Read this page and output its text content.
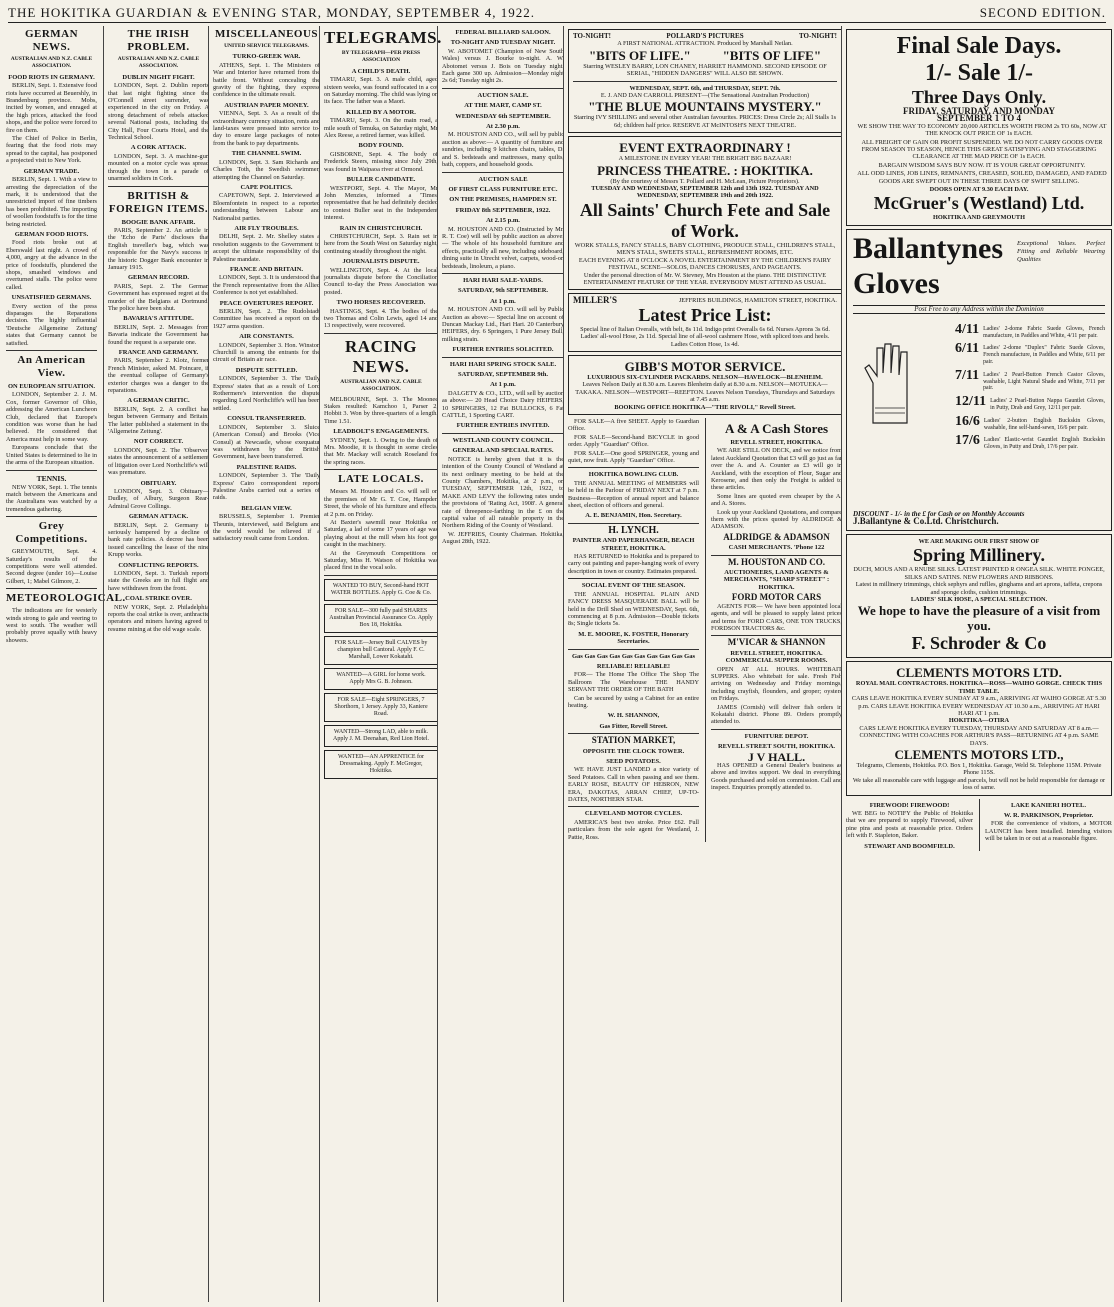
THE HOKITIKA GUARDIAN & EVENING STAR, MONDAY, SEPTEMBER 4, 1922.	SECOND EDITION.
GERMAN NEWS.
AUSTRALIAN AND N.Z. CABLE ASSOCIATION.
FOOD RIOTS IN GERMANY.

BERLIN, Sept. 1. Extensive food riots have occurred at Beuershly, in Brandenburg province. Mobs, incited by women, and enraged at the high prices, attacked the food shops, and the police were forced to fire on them.

The Chief of Police in Berlin, fearing that the food riots may spread to the capital, has postponed a projected visit to New York.

GERMAN TRADE.

BERLIN, Sept. 1. With a view to arresting the depreciation of the mark, it is understood that the unrestricted import of fine timbers has been prohibited. The importing of woollen foodstuffs is for the time being restricted.

GERMAN FOOD RIOTS.

Food riots broke out at Eberswald last night. A crowd of 4,000, angry at the advance in the price of foodstuffs, plundered the shops, smashed windows and overturned stalls. The police were called.

UNSATISFIED GERMANS.

Every section of the press disparages the Reparations decision. The highly influential 'Deutsche Allgemeine Zeitung' states that Germany cannot be satisfied.

An American View.
ON EUROPEAN SITUATION.

LONDON, September 2. J. M. Cox, former Governor of Ohio, addressing the American Luncheon Club, declared that Europe's condition was worse than he had believed. He considered that America must help in some way.

Europeans conclude that the United States is determined to lie in the arms of the European situation.

TENNIS.

NEW YORK, Sept. 1. The tennis match between the Americans and the Australians was watched by a tremendous gathering.

Grey Competitions.

GREYMOUTH, Sept. 4. Saturday's results of the competitions were well attended. Second degree (under 16)—Louise Gilbert, 1; Mabel Gilmore, 2.

METEOROLOGICAL.

The indications are for westerly winds strong to gale and veering to west to south. The weather will probably prove squally with heavy showers.

THE IRISH PROBLEM.
AUSTRALIAN AND N.Z. CABLE ASSOCIATION.
DUBLIN NIGHT FIGHT.

LONDON, Sept. 2. Dublin reports that last night fighting since the O'Connell street surrender, was experienced in the city on Friday. A strong detachment of rebels attacked several National posts, including the City Hall, Four Courts Hotel, and the Technical School.

A CORK ATTACK.

LONDON, Sept. 3. A machine-gun mounted on a motor cycle was spread through the town in a parade of unarmed soldiers in Cork.

BRITISH & FOREIGN ITEMS.
BOOGIE BANK AFFAIR.

PARIS, September 2. An article in the 'Echo de Paris' discloses that English traveller's bag, which was responsible for the Navy's success in the historic Dogger Bank encounter in January 1915.

GERMAN RECORD.

PARIS, Sept. 2. The German Government has expressed regret at the murder of the Belgians at Dortmund. The police have been shut.

BAVARIA'S ATTITUDE.

BERLIN, Sept. 2. Messages from Bavaria indicate the Government has found the request is a separate one.

FRANCE AND GERMANY.

PARIS, September 2. Klotz, former French Minister, asked M. Poincare, if the eventual collapse of Germany's exterior charges was a danger to the reparations.

A GERMAN CRITIC.

BERLIN, Sept. 2. A conflict has begun between Germany and Britain. The latter published a statement in the 'Allgemeine Zeitung'.

NOT CORRECT.

LONDON, Sept. 2. The 'Observer' states the announcement of a settlement of litigation over Lord Northcliffe's will was premature.

OBITUARY.

LONDON, Sept. 3. Obituary—Dudley, of Albury, Surgeon Rear-Admiral Grove Collings.

GERMAN ATTACK.

BERLIN, Sept. 2. Germany is seriously hampered by a decline of bank rate policies. A decree has been issued cancelling the lease of the nine Krupp works.

CONFLICTING REPORTS.

LONDON, Sept. 3. Turkish reports state the Greeks are in full flight and have withdrawn from the front.

COAL STRIKE OVER.

NEW YORK, Sept. 2. Philadelphia reports the coal strike is over, anthracite operators and miners having agreed to resume mining at the old wage scale.

MISCELLANEOUS
UNITED SERVICE TELEGRAMS.
TURKO-GREEK WAR.

ATHENS, Sept. 1. The Ministers of War and Interior have returned from the battle front. Without concealing the gravity of the fighting, they express confidence in the ultimate result.

AUSTRIAN PAPER MONEY.

VIENNA, Sept. 3. As a result of the extraordinary currency situation, rents and land-taxes were pressed into service to-day to ensure large packages of notes from the bank to pay departments.

THE CHANNEL SWIM.

LONDON, Sept. 3. Sam Richards and Charles Toth, the Swedish swimmer, attempting the Channel on Saturday.

CAPE POLITICS.

CAPETOWN, Sept. 2. Interviewed at Bloemfontein in respect to a reported understanding between Labour and Nationalist parties.

AIR FLY TROUBLES.

DELHI, Sept. 2. Mr. Shelley states a resolution suggests to the Government to accept the ultimate responsibility of the Palestine mandate.

FRANCE AND BRITAIN.

LONDON, Sept. 3. It is understood that the French representative from the Allied Conference is not yet established.

PEACE OVERTURES REPORT.

BERLIN, Sept. 2. The Rudolstadt Committee has received a report on the 1927 arms question.

AIR CONSTANTS.

LONDON, September 3. Hon. Winston Churchill is among the entrants for the circuit of Britain air race.

DISPUTE SETTLED.

LONDON, September 3. The 'Daily Express' states that as a result of Lord Rothermere's intervention the dispute regarding Lord Northcliffe's will has been settled.

CONSUL TRANSFERRED.

LONDON, September 3. Sluice (American Consul) and Brooks (Vice Consul) at Newcastle, whose exequatur was withdrawn by the British Government, have been transferred.

PALESTINE RAIDS.

LONDON, September 3. The 'Daily Express' Cairo correspondent reports Palestine Arabs carried out a series of raids.

BELGIAN VIEW.

BRUSSELS, September 1. Premier Theunis, interviewed, said Belgium and the world would be relieved if a satisfactory result came from London.

TELEGRAMS.
BY TELEGRAPH—PER PRESS ASSOCIATION
A CHILD'S DEATH.

TIMARU, Sept. 3. A male child, aged sixteen weeks, was found suffocated in a cot on Saturday morning. The child was lying on its face. The father was a Maori.

KILLED BY A MOTOR.

TIMARU, Sept. 3. On the main road, a mile south of Temuka, on Saturday night, Mr Alex Reese, a retired farmer, was killed.

BODY FOUND.

GISBORNE, Sept. 4. The body of Frederick Steers, missing since July 29th, was found in Waipaoa river at Ormond.

BULLER CANDIDATE.

WESTPORT, Sept. 4. The Mayor, Mr John Menzies, informed a 'Times' representative that he had definitely decided to contest Buller seat in the Independent interest.

RAIN IN CHRISTCHURCH.

CHRISTCHURCH, Sept. 3. Rain set in here from the South West on Saturday night, continuing steadily throughout the night.

JOURNALISTS DISPUTE.

WELLINGTON, Sept. 4. At the local journalists dispute before the Conciliation Council to-day the Press Association was posted.

TWO HORSES RECOVERED.

HASTINGS, Sept. 4. The bodies of the two Thomas and Colin Lewis, aged 14 and 13 respectively, were recovered.

RACING NEWS.
AUSTRALIAN AND N.Z. CABLE ASSOCIATION.

MELBOURNE, Sept. 3. The Moonee Stakes resulted: Kamchoo 1, Parser 2, Hobbit 3. Won by three-quarters of a length. Time 1.51.

LEADBOLT'S ENGAGEMENTS.

SYDNEY, Sept. 1. Owing to the death of Mrs. Moodie, it is thought in some circles that Mr. Mackay will scratch Roseland for the spring races.

LATE LOCALS.

Messrs M. Houston and Co. will sell on the premises of Mr G. T. Coe, Hampden Street, the whole of his furniture and effects, at 2 p.m. on Friday.

At Baxter's sawmill near Hokitika on Saturday, a lad of some 17 years of age was playing about at the mill when his foot got caught in the machinery.

At the Greymouth Competitions on Saturday, Miss H. Watson of Hokitika was placed first in the vocal solo.

WANTED TO BUY, Second-hand HOT WATER BOTTLES. Apply G. Coe & Co.
FOR SALE—300 fully paid SHARES Australian Provincial Assurance Co. Apply Box 18, Hokitika.
FOR SALE—Jersey Bull CALVES by champion bull Cantoral. Apply F. C. Marshall, Lower Kokatahi.
WANTED—A GIRL for home work. Apply Mrs G. B. Johnson.
FOR SALE—Eight SPRINGERS, 7 Shorthorn, 1 Jersey. Apply 33, Kaniere Road.
WANTED—Strong LAD, able to milk. Apply J. M. Deenahan, Red Lion Hotel.
WANTED—AN APPRENTICE for Dressmaking. Apply F. McGregor, Hokitika.
FEDERAL BILLIARD SALOON.
TO-NIGHT AND TUESDAY NIGHT.

W. ABOTOMET (Champion of New South Wales) versus J. Bourke to-night. A. W. Abotomet versus J. Bois on Tuesday night. Each game 300 up. Admission—Monday night 2s 6d; Tuesday night 2s.

AUCTION SALE.
AT THE MART, CAMP ST.
WEDNESDAY 6th SEPTEMBER.
At 2.30 p.m.

M. HOUSTON AND CO., will sell by public auction as above:— A quantity of furniture and sundries, including 9 kitchen chairs, tables, D. and S. bedsteads and mattresses, many quilts, bath, coppers, and household goods.

AUCTION SALE
OF FIRST CLASS FURNITURE ETC.
ON THE PREMISES, HAMPDEN ST.
FRIDAY 8th SEPTEMBER, 1922.
At 2.15 p.m.

M. HOUSTON AND CO. (Instructed by Mr. R. T. Coe) will sell by public auction as above:— The whole of his household furniture and effects, practically all new, including sideboard, dining suite in Utrecht velvet, carpets, wood-on bedsteads, linoleum, a piano.

HARI HARI SALE-YARDS.
SATURDAY, 9th SEPTEMBER.
At 1 p.m.

M. HOUSTON AND CO. will sell by Public Auction as above:— Special line on account of Duncan Mackay Ltd., Hari Hari. 20 Canterbury HEIFERS, dry. 6 Springers, 1 Pure Jersey Bull, milking strain.

FURTHER ENTRIES SOLICITED.
HARI HARI SPRING STOCK SALE.
SATURDAY, SEPTEMBER 9th.
At 1 p.m.

DALGETY & CO., LTD., will sell by auction as above:— 20 Head Choice Dairy HEIFERS, 10 SPRINGERS, 12 Fat BULLOCKS, 6 Fat CATTLE, 1 Sporting CART.

FURTHER ENTRIES INVITED.
WESTLAND COUNTY COUNCIL.
GENERAL AND SPECIAL RATES.

NOTICE is hereby given that it is the intention of the County Council of Westland at its next ordinary meeting to be held at the County Chambers, Hokitika, at 2 p.m., on TUESDAY, SEPTEMBER 12th, 1922, to MAKE AND LEVY the following rates under the provisions of 'Rating Act, 1908'. A general rate of threepence-farthing in the £ on the capital value of all rateable property in the Northern Riding of the County of Westland.

W. JEFFRIES, County Chairman. Hokitika, August 28th, 1922.

TO-NIGHT!	POLLARD'S PICTURES	TO-NIGHT!
A FIRST NATIONAL ATTRACTION. Produced by Marshall Neilan.
"BITS OF LIFE." "BITS OF LIFE"
Starring WESLEY BARRY, LON CHANEY, HARRIET HAMMOND. SECOND EPISODE OF SERIAL, "HIDDEN DANGERS" WILL ALSO BE SHOWN.
WEDNESDAY, SEPT. 6th, and THURSDAY, SEPT. 7th.
E. J. AND DAN CARROLL PRESENT—(The Sensational Australian Production)
"THE BLUE MOUNTAINS MYSTERY."
Starring IVY SHILLING and several other Australian favourites. PRICES: Dress Circle 2s; All Stalls 1s 6d; children half price. RESERVE AT McINTOSH'S NEXT THEATRE.
EVENT EXTRAORDINARY !
A MILESTONE IN EVERY YEAR! THE BRIGHT BIG BAZAAR!
PRINCESS THEATRE. : HOKITIKA.
(By the courtesy of Messrs T. Pollard and H. McLean, Picture Proprietors).
TUESDAY AND WEDNESDAY, SEPTEMBER 12th and 13th 1922. TUESDAY AND WEDNESDAY, SEPTEMBER 19th and 20th 1922.
All Saints' Church Fete and Sale of Work.
WORK STALLS, FANCY STALLS, BABY CLOTHING, PRODUCE STALL, CHILDREN'S STALL, MEN'S STALL, SWEETS STALL, REFRESHMENT ROOMS, ETC.
EACH EVENING AT 8 O'CLOCK A NOVEL ENTERTAINMENT BY THE CHILDREN'S FAIRY FESTIVAL, SCENE—SOLOS, DANCES CHORUSES, AND PAGEANTS.
Under the personal direction of Mr. W. Stevney, Mrs Houston at the piano. THE DISTINCTIVE ENTERTAINMENT FEATURE OF THE YEAR. EVERYBODY MUST ATTEND AS USUAL.
MILLER'S	JEFFRIES BUILDINGS, HAMILTON STREET, HOKITIKA.
Latest Price List:
Special line of Italian Overalls, with belt, 8s 11d. Indigo print Overalls 6s 6d. Nurses Aprons 3s 6d. Ladies' all-wool Hose, 2s 11d. Special line of all-wool cashmere Hose, with spliced toes and heels. Ladies Cotton Hose, 1s 4d.
GIBB'S MOTOR SERVICE.
LUXURIOUS SIX-CYLINDER PACKARDS. NELSON—HAVELOCK—BLENHEIM.
Leaves Nelson Daily at 8.30 a.m. Leaves Blenheim daily at 8.30 a.m. NELSON—MOTUEKA—TAKAKA. NELSON—WESTPORT—REEFTON. Leaves Nelson Tuesdays, Thursdays and Saturdays at 7.45 a.m.
BOOKING OFFICE HOKITIKA—"THE RIVOLI," Revell Street.

FOR SALE—A five SHEET. Apply to Guardian Office.

FOR SALE—Second-hand BICYCLE in good order. Apply "Guardian" Office.

FOR SALE—One good SPRINGER, young and quiet, now fruit. Apply "Guardian" Office.

HOKITIKA BOWLING CLUB.

THE ANNUAL MEETING of MEMBERS will be held in the Parlour of FRIDAY NEXT at 7 p.m. Business—Reception of annual report and balance sheet, election of officers and general.

A. E. BENJAMIN, Hon. Secretary.
H. LYNCH.
PAINTER AND PAPERHANGER, BEACH STREET, HOKITIKA.

HAS RETURNED to Hokitika and is prepared to carry out painting and paper-hanging work of every description in town or country. Estimates prepared.

SOCIAL EVENT OF THE SEASON.

THE ANNUAL HOSPITAL PLAIN AND FANCY DRESS MASQUERADE BALL will be held in the Drill Shed on WEDNESDAY, Sept. 6th, commencing at 8 p.m. Admission—Double tickets 8s; Single tickets 5s.

M. E. MOORE, K. FOSTER, Honorary Secretaries.
Gas Gas Gas Gas Gas Gas Gas Gas Gas Gas
RELIABLE! RELIABLE!

FOR— The Home The Office The Shop The Ballroom The Warehouse THE HANDY SERVANT THE ORDER OF THE BATH

Can be secured by using a Cabinet for an entire heating.

W. H. SHANNON,
Gas Fitter, Revell Street.
STATION MARKET,
OPPOSITE THE CLOCK TOWER.
SEED POTATOES.

WE HAVE JUST LANDED a nice variety of Seed Potatoes. Call in when passing and see them. EARLY ROSE, BEAUTY OF HEBRON, NEW ERA, DAKOTAS, ARRAN CHIEF, UP-TO-DATES, NORTHERN STAR.

CLEVELAND MOTOR CYCLES.

AMERICA'S best two stroke. Price £62. Full particulars from the sole agent for Westland, J. Pattie, Ross.

A & A Cash Stores
REVELL STREET, HOKITIKA.

WE ARE STILL ON DECK, and we notice from latest Auckland Quotation that £3 will go just as far over the A. and A. Counter as £3 will go in Auckland, with the exception of Flour, Sugar and Kerosene, and then only the Freight is added to these articles.

Some lines are quoted even cheaper by the A. and A. Stores.

Look up your Auckland Quotations, and compare them with the prices quoted by ALDRIDGE & ADAMSON.

ALDRIDGE & ADAMSON
CASH MERCHANTS. 'Phone 122
M. HOUSTON AND CO.
AUCTIONEERS, LAND AGENTS & MERCHANTS, "SHARP STREET" : HOKITIKA.
FORD MOTOR CARS

AGENTS FOR— We have been appointed local agents, and will be pleased to supply latest prices and terms for FORD CARS, ONE TON TRUCKS, FORDSON TRACTORS &c.

M'VICAR & SHANNON
REVELL STREET, HOKITIKA. COMMERCIAL SUPPER ROOMS.

OPEN AT ALL HOURS. WHITEBAIT SUPPERS. Also whitebait for sale. Fresh Fish arriving on Wednesday and Friday mornings, including crayfish, flounders, and groper; oysters on Fridays.

JAMES (Cornish) will deliver fish orders in Kokatahi district. Phone 89. Orders promptly attended to.

FURNITURE DEPOT.
REVELL STREET SOUTH, HOKITIKA.
J V HALL.

HAS OPENED a General Dealer's business as above and invites support. We deal in everything. Goods purchased and sold on commission. Call and inspect. Enquiries promptly attended to.

Final Sale Days.
1/- Sale 1/-
Three Days Only.
FRIDAY, SATURDAY, AND MONDAY
SEPTEMBER 1 TO 4

WE SHOW THE WAY TO ECONOMY 20,000 ARTICLES WORTH FROM 2s TO 60s, NOW AT THE KNOCK OUT PRICE OF 1s EACH.

ALL FREIGHT OF GAIN OR PROFIT SUSPENDED. WE DO NOT CARRY GOODS OVER FROM SEASON TO SEASON, HENCE THIS GREAT SATISFYING AND STAGGERING CLEARANCE AT THE MAD PRICE OF 1s EACH.

BARGAIN WISDOM SAYS BUY NOW. IT IS YOUR GREAT OPPORTUNITY.

ALL ODD LINES, JOB LINES, REMNANTS, CREASED, SOILED, DAMAGED, AND FADED GOODS ARE SWEPT OUT IN THESE THREE DAYS OF SWIFT SELLING.

DOORS OPEN AT 9.30 EACH DAY.
McGruer's (Westland) Ltd.
HOKITIKA AND GREYMOUTH
Ballantynes
Gloves
Exceptional Values. Perfect Fitting and Reliable Wearing Qualities
Post Free to any Address within the Dominion
4/11 Ladies' 2-dome Fabric Suede Gloves, French manufacture, in Paddles and White, 4/11 per pair.
6/11 Ladies' 2-dome "Duplex" Fabric Suede Gloves, French manufacture, in Paddles and White, 6/11 per pair.
7/11 Ladies' 2 Pearl-Button French Castor Gloves, washable, Light Natural Shade and White, 7/11 per pair.
12/11 Ladies' 2 Pearl-Button Nappa Gauntlet Gloves, in Putty, Drab and Grey, 12/11 per pair.
16/6 Ladies' 2-button English Buckskin Gloves, washable, fine self-hand-sewn, 16/6 per pair.
17/6 Ladies' Elastic-wrist Gauntlet English Buckskin Gloves, in Putty and Drab, 17/6 per pair.
DISCOUNT - 1/- in the £ for Cash or on Monthly Accounts
J.Ballantyne & Co.Ltd. Christchurch.
WE ARE MAKING OUR FIRST SHOW OF
Spring Millinery.
DUCH, MOUS AND A RNUBE SILKS. LATEST PRINTED R ONGEA SILK. WHITE PONGEE, SILKS AND SATINS. NEW FLOWERS AND RIBBONS.
Latest in millinery trimmings, chick sephyrs and ruflles, ginghams and art aprons, taffeta, crepons and sponge cloths, cushion trimmings.
LADIES' SILK HOSE, A SPECIAL SELECTION.
We hope to have the pleasure of a visit from you.
F. Schroder & Co
CLEMENTS MOTORS LTD.
ROYAL MAIL CONTRACTORS. HOKITIKA—ROSS—WAIHO GORGE. CHECK THIS TIME TABLE.
CARS LEAVE HOKITIKA EVERY SUNDAY AT 9 a.m., ARRIVING AT WAIHO GORGE AT 5.30 p.m. CARS LEAVE HOKITIKA EVERY WEDNESDAY AT 10.30 a.m., ARRIVING AT HARI HARI AT 1 p.m.
HOKITIKA—OTIRA
CARS LEAVE HOKITIKA EVERY TUESDAY, THURSDAY AND SATURDAY AT 8 a.m.—CONNECTING WITH COACHES FOR ARTHUR'S PASS—RETURNING AT 4 p.m. SAME DAYS.
CLEMENTS MOTORS LTD.,
Telegrams, Clements, Hokitika. P.O. Box 1, Hokitika. Garage, Weld St. Telephone 115M. Private Phone 115S.
We take all reasonable care with luggage and parcels, but will not be held responsible for damage or loss of same.
FIREWOOD! FIREWOOD!

WE BEG to NOTIFY the Public of Hokitika that we are prepared to supply Firewood, silver pine pins and posts at reasonable price. Orders left with F. Stapleton, Baker.

STEWART AND BOOMFIELD.
LAKE KANIERI HOTEL.
W. R. PARKINSON, Proprietor.

FOR the convenience of visitors, a MOTOR LAUNCH has been installed. Intending visitors will be taken in or out at a reasonable figure.
